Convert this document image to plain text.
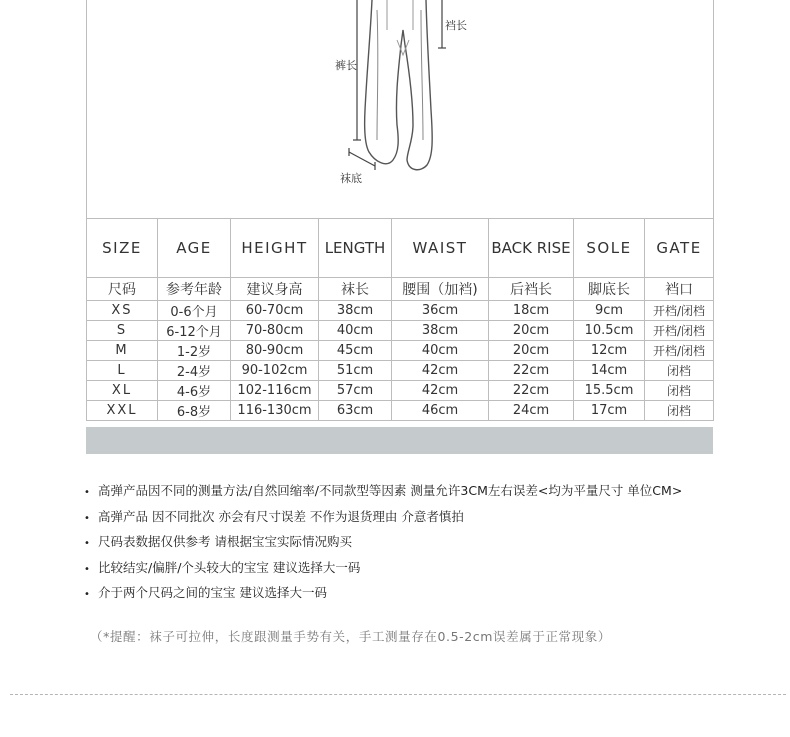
裆长
裤长
袜底
SIZE	AGE	HEIGHT	LENGTH	WAIST	BACK RISE	SOLE	GATE
尺码	参考年龄	建议身高	袜长	腰围（加裆)	后裆长	脚底长	裆口
XS	0-6个月	60-70cm	38cm	36cm	18cm	9cm	开档/闭档
S	6-12个月	70-80cm	40cm	38cm	20cm	10.5cm	开档/闭档
M	1-2岁	80-90cm	45cm	40cm	20cm	12cm	开档/闭档
L	2-4岁	90-102cm	51cm	42cm	22cm	14cm	闭档
XL	4-6岁	102-116cm	57cm	42cm	22cm	15.5cm	闭档
XXL	6-8岁	116-130cm	63cm	46cm	24cm	17cm	闭档
• 高弹产品因不同的测量方法/自然回缩率/不同款型等因素 测量允许3CM左右误差<均为平量尺寸 单位CM>
• 高弹产品 因不同批次 亦会有尺寸误差 不作为退货理由 介意者慎拍
• 尺码表数据仅供参考 请根据宝宝实际情况购买
• 比较结实/偏胖/个头较大的宝宝 建议选择大一码
• 介于两个尺码之间的宝宝 建议选择大一码
（*提醒：袜子可拉伸，长度跟测量手势有关，手工测量存在0.5-2cm误差属于正常现象）
